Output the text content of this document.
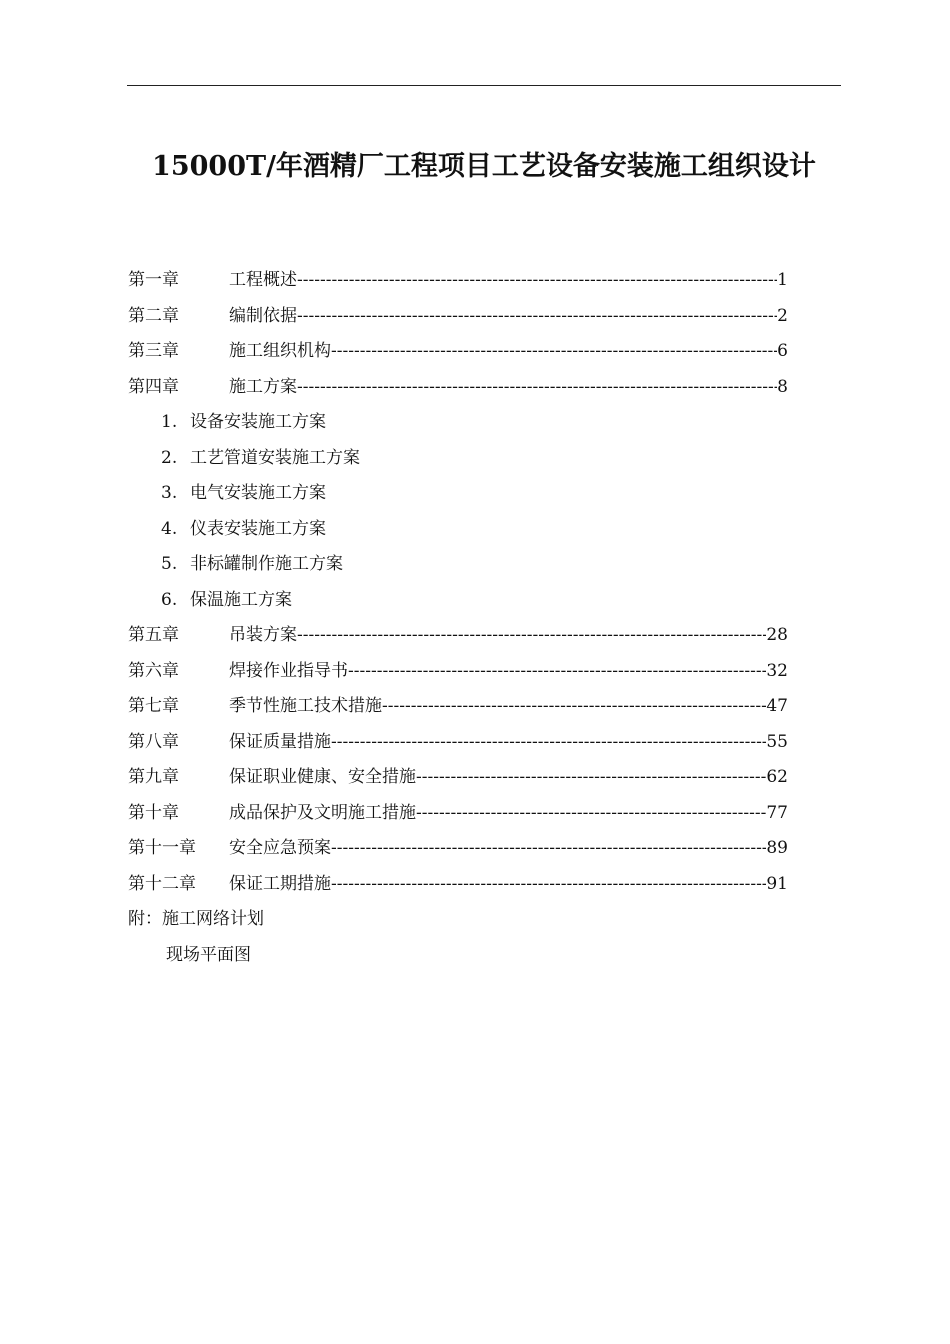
15000T/年酒精厂工程项目工艺设备安装施工组织设计
第一章	工程概述 -----	1
第二章	编制依据 -----	2
第三章	施工组织机构 -----	6
第四章	施工方案 -----	8
1. 设备安装施工方案
2. 工艺管道安装施工方案
3. 电气安装施工方案
4. 仪表安装施工方案
5. 非标罐制作施工方案
6. 保温施工方案
第五章	吊装方案 -----	28
第六章	焊接作业指导书 -----	32
第七章	季节性施工技术措施 -----	47
第八章	保证质量措施 -----	55
第九章	保证职业健康、安全措施 -----	62
第十章	成品保护及文明施工措施 -----	77
第十一章	安全应急预案 -----	89
第十二章	保证工期措施 -----	91
附：施工网络计划
现场平面图
